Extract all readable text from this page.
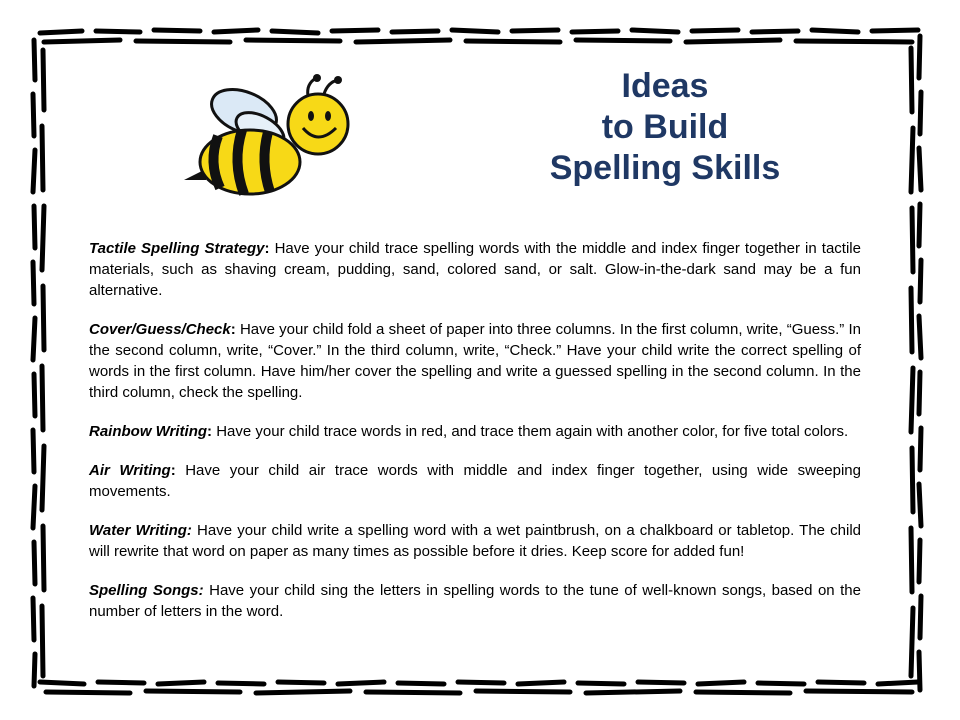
Ideas
to Build
Spelling Skills

Tactile Spelling Strategy: Have your child trace spelling words with the middle and index finger together in tactile materials, such as shaving cream, pudding, sand, colored sand, or salt. Glow-in-the-dark sand may be a fun alternative.

Cover/Guess/Check: Have your child fold a sheet of paper into three columns. In the first column, write, “Guess.” In the second column, write, “Cover.” In the third column, write, “Check.” Have your child write the correct spelling of words in the first column. Have him/her cover the spelling and write a guessed spelling in the second column. In the third column, check the spelling.

Rainbow Writing: Have your child trace words in red, and trace them again with another color, for five total colors.

Air Writing: Have your child air trace words with middle and index finger together, using wide sweeping movements.

Water Writing: Have your child write a spelling word with a wet paintbrush, on a chalkboard or tabletop. The child will rewrite that word on paper as many times as possible before it dries. Keep score for added fun!

Spelling Songs: Have your child sing the letters in spelling words to the tune of well-known songs, based on the number of letters in the word.
